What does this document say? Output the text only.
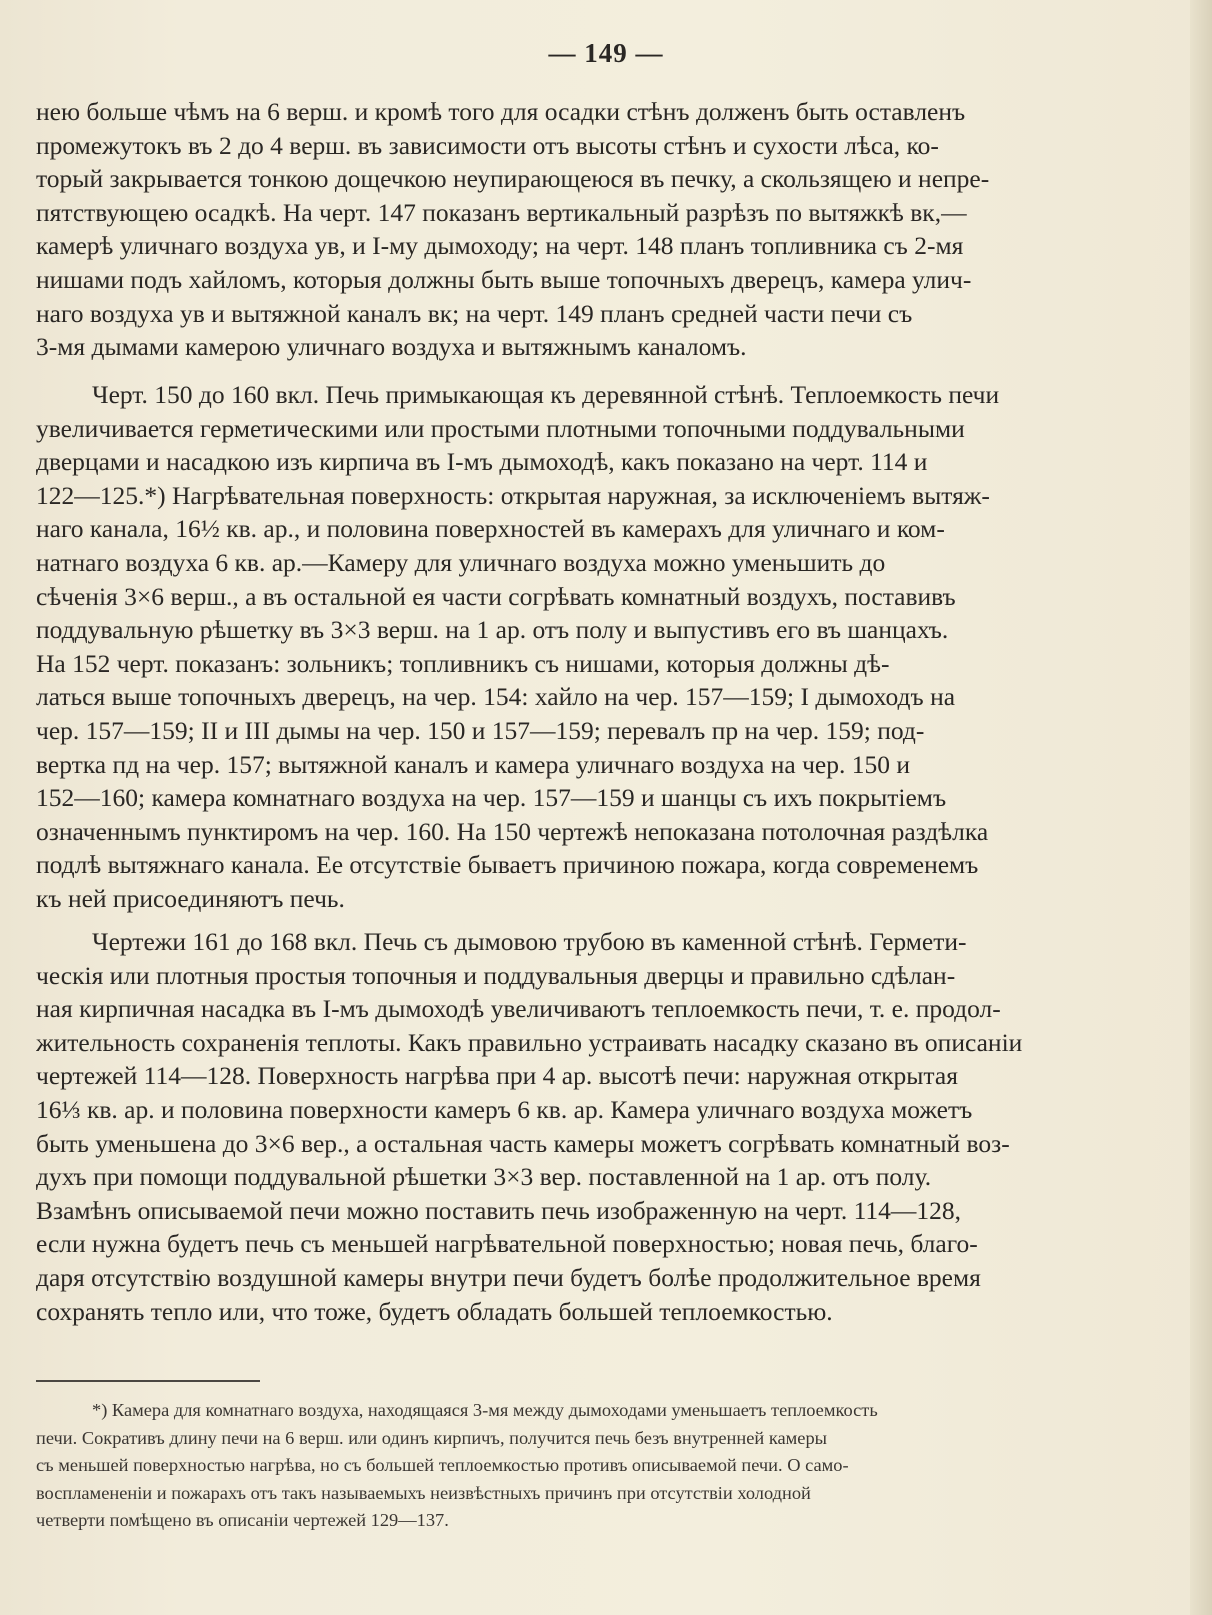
— 149 —
нею больше чѣмъ на 6 верш. и кромѣ того для осадки стѣнъ долженъ быть оставленъ
промежутокъ въ 2 до 4 верш. въ зависимости отъ высоты стѣнъ и сухости лѣса, ко-
торый закрывается тонкою дощечкою неупирающеюся въ печку, а скользящею и непре-
пятствующею осадкѣ. На черт. 147 показанъ вертикальный разрѣзъ по вытяжкѣ вк,—
камерѣ уличнаго воздуха ув, и I-му дымоходу; на черт. 148 планъ топливника съ 2-мя
нишами подъ хайломъ, которыя должны быть выше топочныхъ дверецъ, камера улич-
наго воздуха ув и вытяжной каналъ вк; на черт. 149 планъ средней части печи съ
3-мя дымами камерою уличнаго воздуха и вытяжнымъ каналомъ.
Черт. 150 до 160 вкл. Печь примыкающая къ деревянной стѣнѣ. Теплоемкость печи
увеличивается герметическими или простыми плотными топочными поддувальными
дверцами и насадкою изъ кирпича въ I-мъ дымоходѣ, какъ показано на черт. 114 и
122—125.*) Нагрѣвательная поверхность: открытая наружная, за исключеніемъ вытяж-
наго канала, 16½ кв. ар., и половина поверхностей въ камерахъ для уличнаго и ком-
натнаго воздуха 6 кв. ар.—Камеру для уличнаго воздуха можно уменьшить до
сѣченія 3×6 верш., а въ остальной ея части согрѣвать комнатный воздухъ, поставивъ
поддувальную рѣшетку въ 3×3 верш. на 1 ар. отъ полу и выпустивъ его въ шанцахъ.
На 152 черт. показанъ: зольникъ; топливникъ съ нишами, которыя должны дѣ-
латься выше топочныхъ дверецъ, на чер. 154: хайло на чер. 157—159; I дымоходъ на
чер. 157—159; II и III дымы на чер. 150 и 157—159; перевалъ пр на чер. 159; под-
вертка пд на чер. 157; вытяжной каналъ и камера уличнаго воздуха на чер. 150 и
152—160; камера комнатнаго воздуха на чер. 157—159 и шанцы съ ихъ покрытіемъ
означеннымъ пунктиромъ на чер. 160. На 150 чертежѣ непоказана потолочная раздѣлка
подлѣ вытяжнаго канала. Ее отсутствіе бываетъ причиною пожара, когда современемъ
къ ней присоединяютъ печь.
Чертежи 161 до 168 вкл. Печь съ дымовою трубою въ каменной стѣнѣ. Гермети-
ческія или плотныя простыя топочныя и поддувальныя дверцы и правильно сдѣлан-
ная кирпичная насадка въ I-мъ дымоходѣ увеличиваютъ теплоемкость печи, т. е. продол-
жительность сохраненія теплоты. Какъ правильно устраивать насадку сказано въ описаніи
чертежей 114—128. Поверхность нагрѣва при 4 ар. высотѣ печи: наружная открытая
16⅓ кв. ар. и половина поверхности камеръ 6 кв. ар. Камера уличнаго воздуха можетъ
быть уменьшена до 3×6 вер., а остальная часть камеры можетъ согрѣвать комнатный воз-
духъ при помощи поддувальной рѣшетки 3×3 вер. поставленной на 1 ар. отъ полу.
Взамѣнъ описываемой печи можно поставить печь изображенную на черт. 114—128,
если нужна будетъ печь съ меньшей нагрѣвательной поверхностью; новая печь, благо-
даря отсутствію воздушной камеры внутри печи будетъ болѣе продолжительное время
сохранять тепло или, что тоже, будетъ обладать большей теплоемкостью.
*) Камера для комнатнаго воздуха, находящаяся 3-мя между дымоходами уменьшаетъ теплоемкость
печи. Сокративъ длину печи на 6 верш. или одинъ кирпичъ, получится печь безъ внутренней камеры
съ меньшей поверхностью нагрѣва, но съ большей теплоемкостью противъ описываемой печи. О само-
воспламененіи и пожарахъ отъ такъ называемыхъ неизвѣстныхъ причинъ при отсутствіи холодной
четверти помѣщено въ описаніи чертежей 129—137.
